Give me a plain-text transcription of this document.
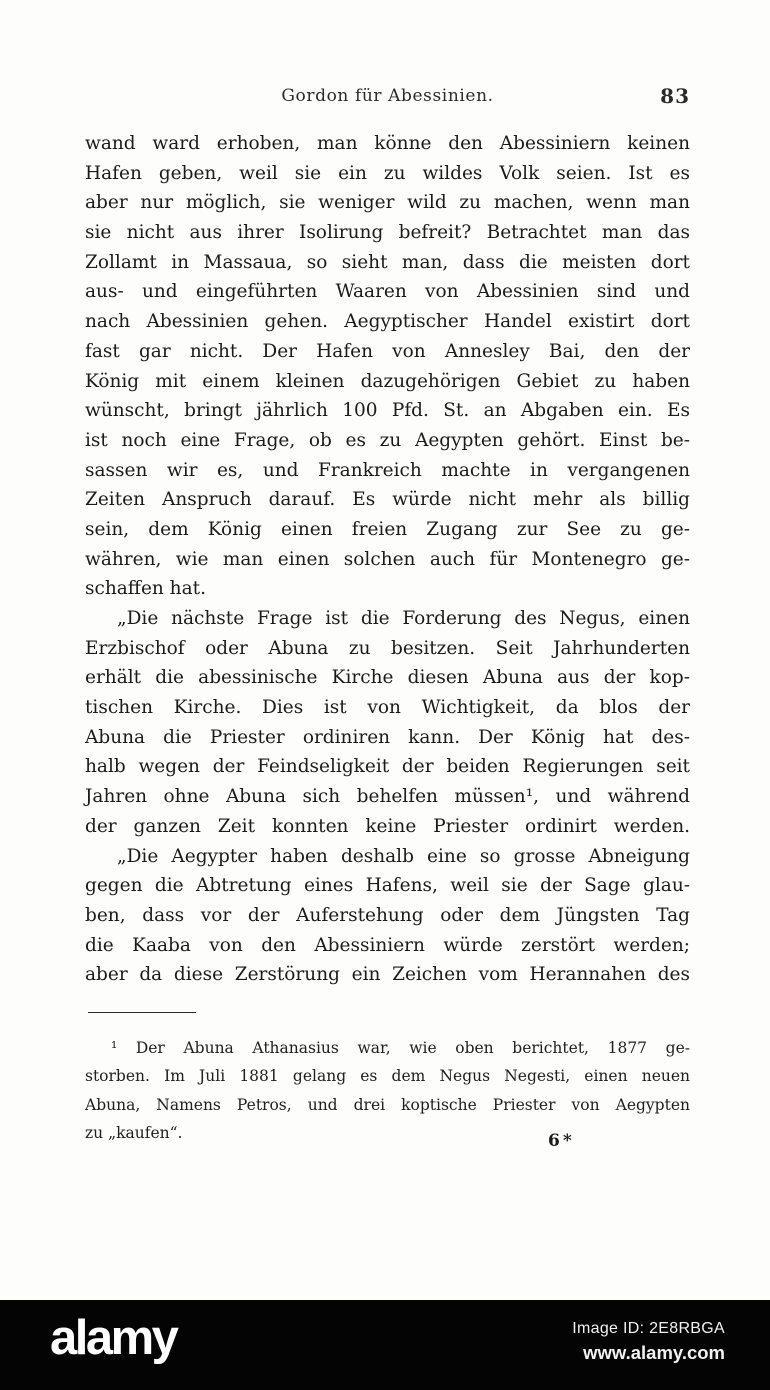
Gordon für Abessinien.	83
wand ward erhoben, man könne den Abessiniern keinen
Hafen geben, weil sie ein zu wildes Volk seien. Ist es
aber nur möglich, sie weniger wild zu machen, wenn man
sie nicht aus ihrer Isolirung befreit? Betrachtet man das
Zollamt in Massaua, so sieht man, dass die meisten dort
aus- und eingeführten Waaren von Abessinien sind und
nach Abessinien gehen. Aegyptischer Handel existirt dort
fast gar nicht. Der Hafen von Annesley Bai, den der
König mit einem kleinen dazugehörigen Gebiet zu haben
wünscht, bringt jährlich 100 Pfd. St. an Abgaben ein. Es
ist noch eine Frage, ob es zu Aegypten gehört. Einst be-
sassen wir es, und Frankreich machte in vergangenen
Zeiten Anspruch darauf. Es würde nicht mehr als billig
sein, dem König einen freien Zugang zur See zu ge-
währen, wie man einen solchen auch für Montenegro ge-
schaffen hat.
„Die nächste Frage ist die Forderung des Negus, einen
Erzbischof oder Abuna zu besitzen. Seit Jahrhunderten
erhält die abessinische Kirche diesen Abuna aus der kop-
tischen Kirche. Dies ist von Wichtigkeit, da blos der
Abuna die Priester ordiniren kann. Der König hat des-
halb wegen der Feindseligkeit der beiden Regierungen seit
Jahren ohne Abuna sich behelfen müssen¹, und während
der ganzen Zeit konnten keine Priester ordinirt werden.
„Die Aegypter haben deshalb eine so grosse Abneigung
gegen die Abtretung eines Hafens, weil sie der Sage glau-
ben, dass vor der Auferstehung oder dem Jüngsten Tag
die Kaaba von den Abessiniern würde zerstört werden;
aber da diese Zerstörung ein Zeichen vom Herannahen des
¹ Der Abuna Athanasius war, wie oben berichtet, 1877 ge-
storben. Im Juli 1881 gelang es dem Negus Negesti, einen neuen
Abuna, Namens Petros, und drei koptische Priester von Aegypten
zu „kaufen“.	6*
alamy	Image ID: 2E8RBGA
www.alamy.com
